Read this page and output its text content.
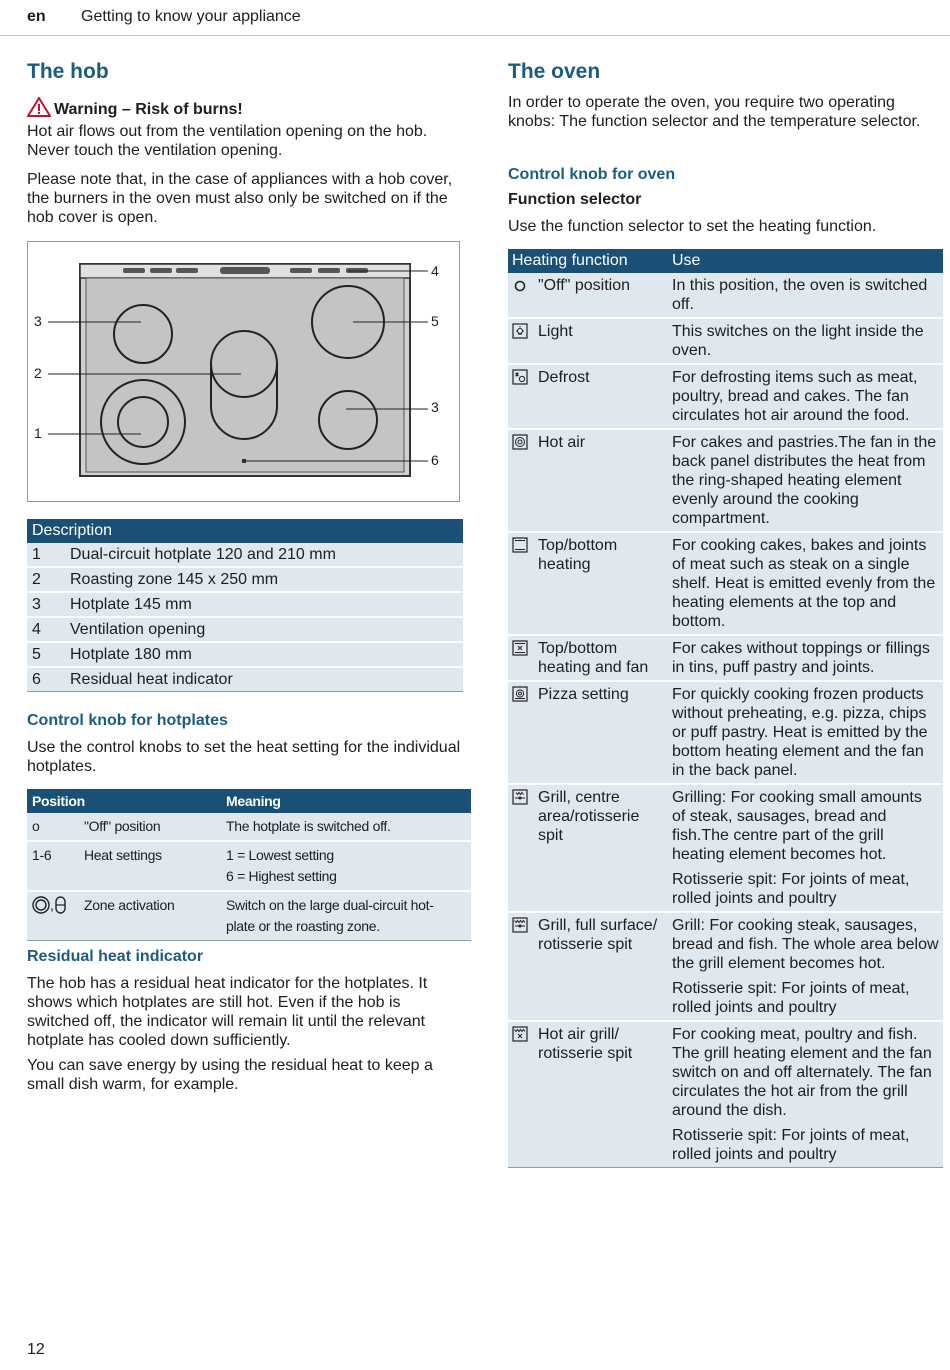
en Getting to know your appliance
The hob
Warning – Risk of burns!
Hot air flows out from the ventilation opening on the hob. Never touch the ventilation opening.
Please note that, in the case of appliances with a hob cover, the burners in the oven must also only be switched on if the hob cover is open.
3
2
1
4
5
3
6
Description	
1	Dual-circuit hotplate 120 and 210 mm
2	Roasting zone 145 x 250 mm
3	Hotplate 145 mm
4	Ventilation opening
5	Hotplate 180 mm
6	Residual heat indicator
Control knob for hotplates
Use the control knobs to set the heat setting for the individual hotplates.
Position		Meaning
o	"Off" position	The hotplate is switched off.
1-6	Heat settings	1 = Lowest setting
6 = Highest setting

,	Zone activation	Switch on the large dual-circuit hot-
plate or the roasting zone.
Residual heat indicator
The hob has a residual heat indicator for the hotplates. It shows which hotplates are still hot. Even if the hob is switched off, the indicator will remain lit until the relevant hotplate has cooled down sufficiently.
You can save energy by using the residual heat to keep a small dish warm, for example.
The oven
In order to operate the oven, you require two operating knobs: The function selector and the temperature selector.
Control knob for oven
Function selector
Use the function selector to set the heating function.
Heating function		Use
	"Off" position	In this position, the oven is switched off.

	Light	This switches on the light inside the oven.

	Defrost	For defrosting items such as meat, poultry, bread and cakes. The fan circulates hot air around the food.

	Hot air	For cakes and pastries.The fan in the back panel distributes the heat from the ring-shaped heating element evenly around the cooking compartment.

	Top/bottom heating	For cooking cakes, bakes and joints of meat such as steak on a single shelf. Heat is emitted evenly from the heating elements at the top and bottom.

	Top/bottom heating and fan	For cakes without toppings or fillings in tins, puff pastry and joints.

	Pizza setting	For quickly cooking frozen products without preheating, e.g. pizza, chips or puff pastry. Heat is emitted by the bottom heating element and the fan in the back panel.

	Grill, centre area/rotisserie spit	Grilling: For cooking small amounts of steak, sausages, bread and fish.The centre part of the grill heating element becomes hot.
Rotisserie spit: For joints of meat, rolled joints and poultry

	Grill, full surface/ rotisserie spit	Grill: For cooking steak, sausages, bread and fish. The whole area below the grill element becomes hot.
Rotisserie spit: For joints of meat, rolled joints and poultry

	Hot air grill/ rotisserie spit	For cooking meat, poultry and fish. The grill heating element and the fan switch on and off alternately. The fan circulates the hot air from the grill around the dish.
Rotisserie spit: For joints of meat, rolled joints and poultry
12
